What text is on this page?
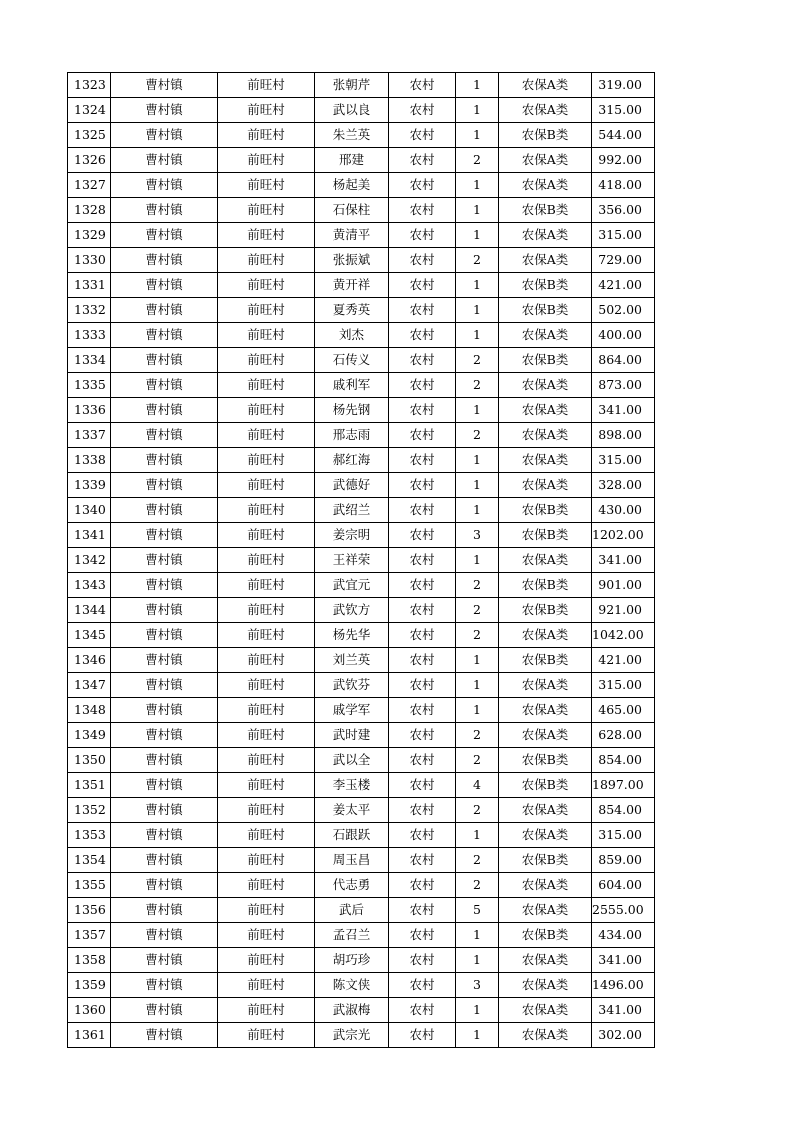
1323	曹村镇	前旺村	张朝芹	农村	1	农保A类	319.00
1324	曹村镇	前旺村	武以良	农村	1	农保A类	315.00
1325	曹村镇	前旺村	朱兰英	农村	1	农保B类	544.00
1326	曹村镇	前旺村	邢建	农村	2	农保A类	992.00
1327	曹村镇	前旺村	杨起美	农村	1	农保A类	418.00
1328	曹村镇	前旺村	石保柱	农村	1	农保B类	356.00
1329	曹村镇	前旺村	黄清平	农村	1	农保A类	315.00
1330	曹村镇	前旺村	张振斌	农村	2	农保A类	729.00
1331	曹村镇	前旺村	黄开祥	农村	1	农保B类	421.00
1332	曹村镇	前旺村	夏秀英	农村	1	农保B类	502.00
1333	曹村镇	前旺村	刘杰	农村	1	农保A类	400.00
1334	曹村镇	前旺村	石传义	农村	2	农保B类	864.00
1335	曹村镇	前旺村	戚利军	农村	2	农保A类	873.00
1336	曹村镇	前旺村	杨先钢	农村	1	农保A类	341.00
1337	曹村镇	前旺村	邢志雨	农村	2	农保A类	898.00
1338	曹村镇	前旺村	郝红海	农村	1	农保A类	315.00
1339	曹村镇	前旺村	武德好	农村	1	农保A类	328.00
1340	曹村镇	前旺村	武绍兰	农村	1	农保B类	430.00
1341	曹村镇	前旺村	姜宗明	农村	3	农保B类	1202.00
1342	曹村镇	前旺村	王祥荣	农村	1	农保A类	341.00
1343	曹村镇	前旺村	武宜元	农村	2	农保B类	901.00
1344	曹村镇	前旺村	武钦方	农村	2	农保B类	921.00
1345	曹村镇	前旺村	杨先华	农村	2	农保A类	1042.00
1346	曹村镇	前旺村	刘兰英	农村	1	农保B类	421.00
1347	曹村镇	前旺村	武钦芬	农村	1	农保A类	315.00
1348	曹村镇	前旺村	戚学军	农村	1	农保A类	465.00
1349	曹村镇	前旺村	武时建	农村	2	农保A类	628.00
1350	曹村镇	前旺村	武以全	农村	2	农保B类	854.00
1351	曹村镇	前旺村	李玉楼	农村	4	农保B类	1897.00
1352	曹村镇	前旺村	姜太平	农村	2	农保A类	854.00
1353	曹村镇	前旺村	石跟跃	农村	1	农保A类	315.00
1354	曹村镇	前旺村	周玉昌	农村	2	农保B类	859.00
1355	曹村镇	前旺村	代志勇	农村	2	农保A类	604.00
1356	曹村镇	前旺村	武后	农村	5	农保A类	2555.00
1357	曹村镇	前旺村	孟召兰	农村	1	农保B类	434.00
1358	曹村镇	前旺村	胡巧珍	农村	1	农保A类	341.00
1359	曹村镇	前旺村	陈文侠	农村	3	农保A类	1496.00
1360	曹村镇	前旺村	武淑梅	农村	1	农保A类	341.00
1361	曹村镇	前旺村	武宗光	农村	1	农保A类	302.00
